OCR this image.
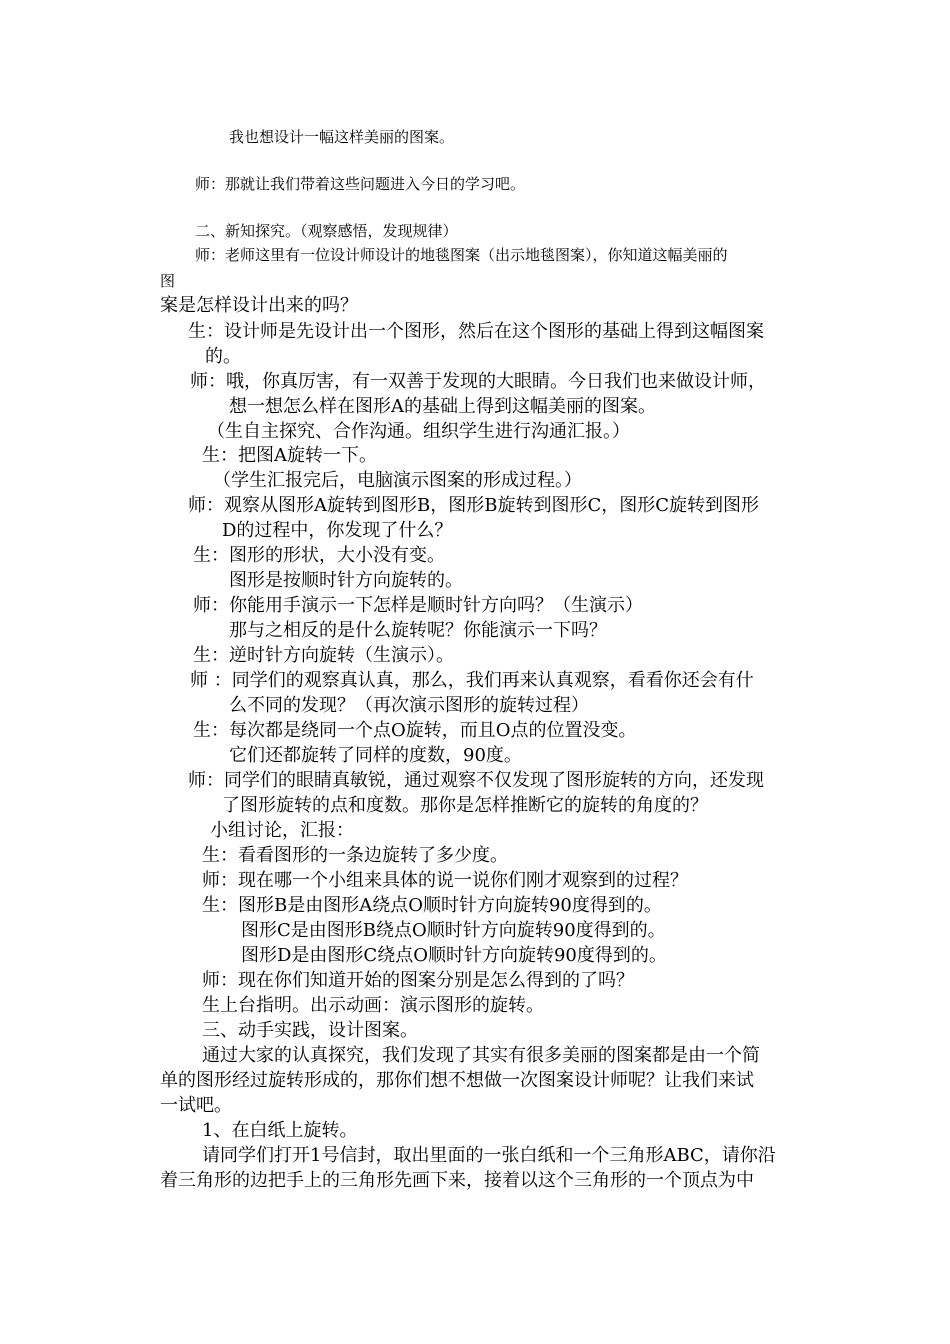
我也想设计一幅这样美丽的图案。

师：那就让我们带着这些问题进入今日的学习吧。

二、新知探究。（观察感悟，发现规律）

师：老师这里有一位设计师设计的地毯图案（出示地毯图案），你知道这幅美丽的

图

案是怎样设计出来的吗？

生：设计师是先设计出一个图形，然后在这个图形的基础上得到这幅图案

的。

师：哦，你真厉害，有一双善于发现的大眼睛。今日我们也来做设计师，

想一想怎么样在图形A的基础上得到这幅美丽的图案。

（生自主探究、合作沟通。组织学生进行沟通汇报。）

生：把图A旋转一下。

（学生汇报完后，电脑演示图案的形成过程。）

师：观察从图形A旋转到图形B，图形B旋转到图形C，图形C旋转到图形

D的过程中，你发现了什么？

生：图形的形状，大小没有变。

图形是按顺时针方向旋转的。

师：你能用手演示一下怎样是顺时针方向吗？（生演示）

那与之相反的是什么旋转呢？你能演示一下吗？

生：逆时针方向旋转（生演示）。

师 ：同学们的观察真认真，那么，我们再来认真观察，看看你还会有什

么不同的发现？（再次演示图形的旋转过程）

生：每次都是绕同一个点O旋转，而且O点的位置没变。

它们还都旋转了同样的度数，90度。

师：同学们的眼睛真敏锐，通过观察不仅发现了图形旋转的方向，还发现

了图形旋转的点和度数。那你是怎样推断它的旋转的角度的？

小组讨论，汇报：

生：看看图形的一条边旋转了多少度。

师：现在哪一个小组来具体的说一说你们刚才观察到的过程？

生：图形B是由图形A绕点O顺时针方向旋转90度得到的。

图形C是由图形B绕点O顺时针方向旋转90度得到的。

图形D是由图形C绕点O顺时针方向旋转90度得到的。

师：现在你们知道开始的图案分别是怎么得到的了吗？

生上台指明。出示动画：演示图形的旋转。

三、动手实践，设计图案。

通过大家的认真探究，我们发现了其实有很多美丽的图案都是由一个简

单的图形经过旋转形成的，那你们想不想做一次图案设计师呢？让我们来试

一试吧。

1、在白纸上旋转。

请同学们打开1号信封，取出里面的一张白纸和一个三角形ABC，请你沿

着三角形的边把手上的三角形先画下来，接着以这个三角形的一个顶点为中
